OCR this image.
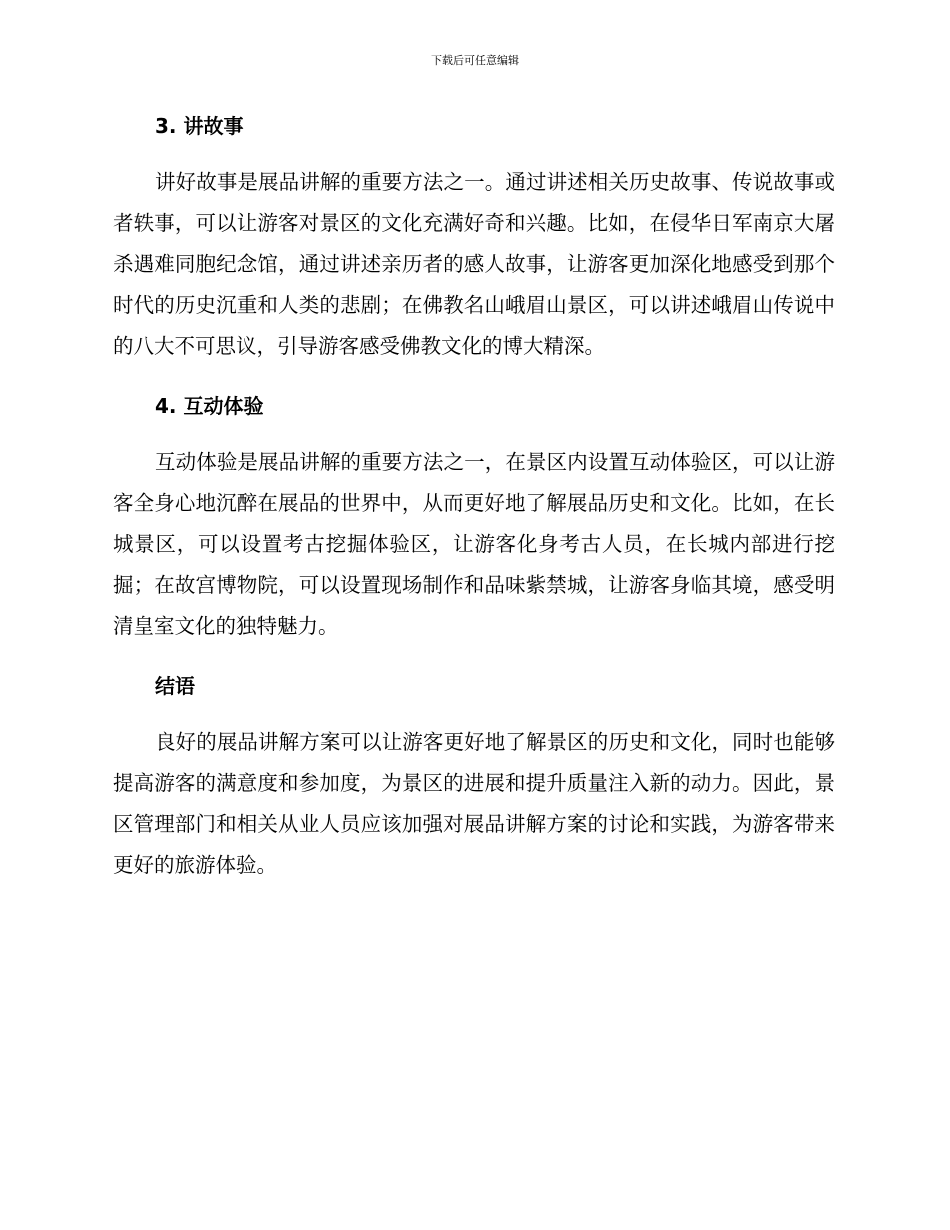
下载后可任意编辑
3. 讲故事

讲好故事是展品讲解的重要方法之一。通过讲述相关历史故事、传说故事或者轶事，可以让游客对景区的文化充满好奇和兴趣。比如，在侵华日军南京大屠杀遇难同胞纪念馆，通过讲述亲历者的感人故事，让游客更加深化地感受到那个时代的历史沉重和人类的悲剧；在佛教名山峨眉山景区，可以讲述峨眉山传说中的八大不可思议，引导游客感受佛教文化的博大精深。

4. 互动体验

互动体验是展品讲解的重要方法之一，在景区内设置互动体验区，可以让游客全身心地沉醉在展品的世界中，从而更好地了解展品历史和文化。比如，在长城景区，可以设置考古挖掘体验区，让游客化身考古人员，在长城内部进行挖掘；在故宫博物院，可以设置现场制作和品味紫禁城，让游客身临其境，感受明清皇室文化的独特魅力。

结语

良好的展品讲解方案可以让游客更好地了解景区的历史和文化，同时也能够提高游客的满意度和参加度，为景区的进展和提升质量注入新的动力。因此，景区管理部门和相关从业人员应该加强对展品讲解方案的讨论和实践，为游客带来更好的旅游体验。
